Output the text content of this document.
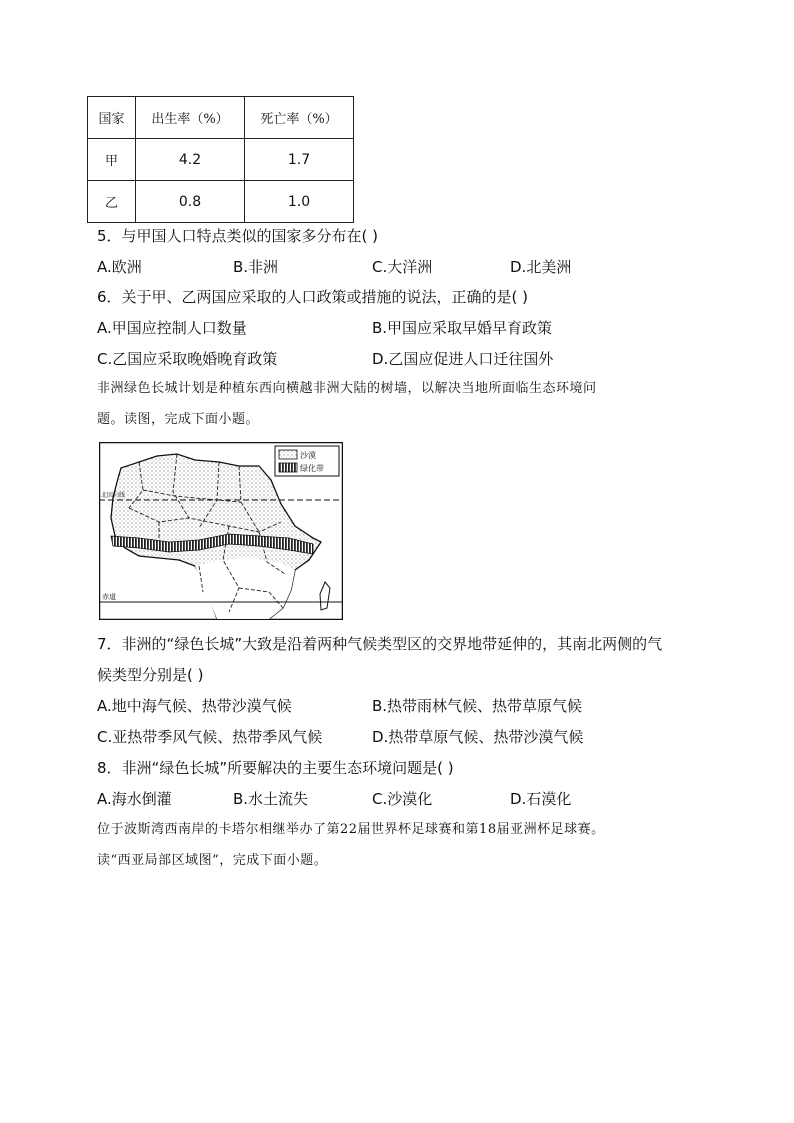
国家	出生率（%）	死亡率（%）
甲	4.2	1.7
乙	0.8	1.0
5．与甲国人口特点类似的国家多分布在( )
A.欧洲	B.非洲	C.大洋洲	D.北美洲
6．关于甲、乙两国应采取的人口政策或措施的说法，正确的是( )
A.甲国应控制人口数量	B.甲国应采取早婚早育政策
C.乙国应采取晚婚晚育政策	D.乙国应促进人口迁往国外
非洲绿色长城计划是种植东西向横越非洲大陆的树墙，以解决当地所面临生态环境问
题。读图，完成下面小题。
北回归线
赤道
沙漠
绿化带
7．非洲的“绿色长城”大致是沿着两种气候类型区的交界地带延伸的，其南北两侧的气
候类型分别是( )
A.地中海气候、热带沙漠气候	B.热带雨林气候、热带草原气候
C.亚热带季风气候、热带季风气候	D.热带草原气候、热带沙漠气候
8．非洲“绿色长城”所要解决的主要生态环境问题是( )
A.海水倒灌	B.水土流失	C.沙漠化	D.石漠化
位于波斯湾西南岸的卡塔尔相继举办了第22届世界杯足球赛和第18届亚洲杯足球赛。
读“西亚局部区域图”，完成下面小题。
